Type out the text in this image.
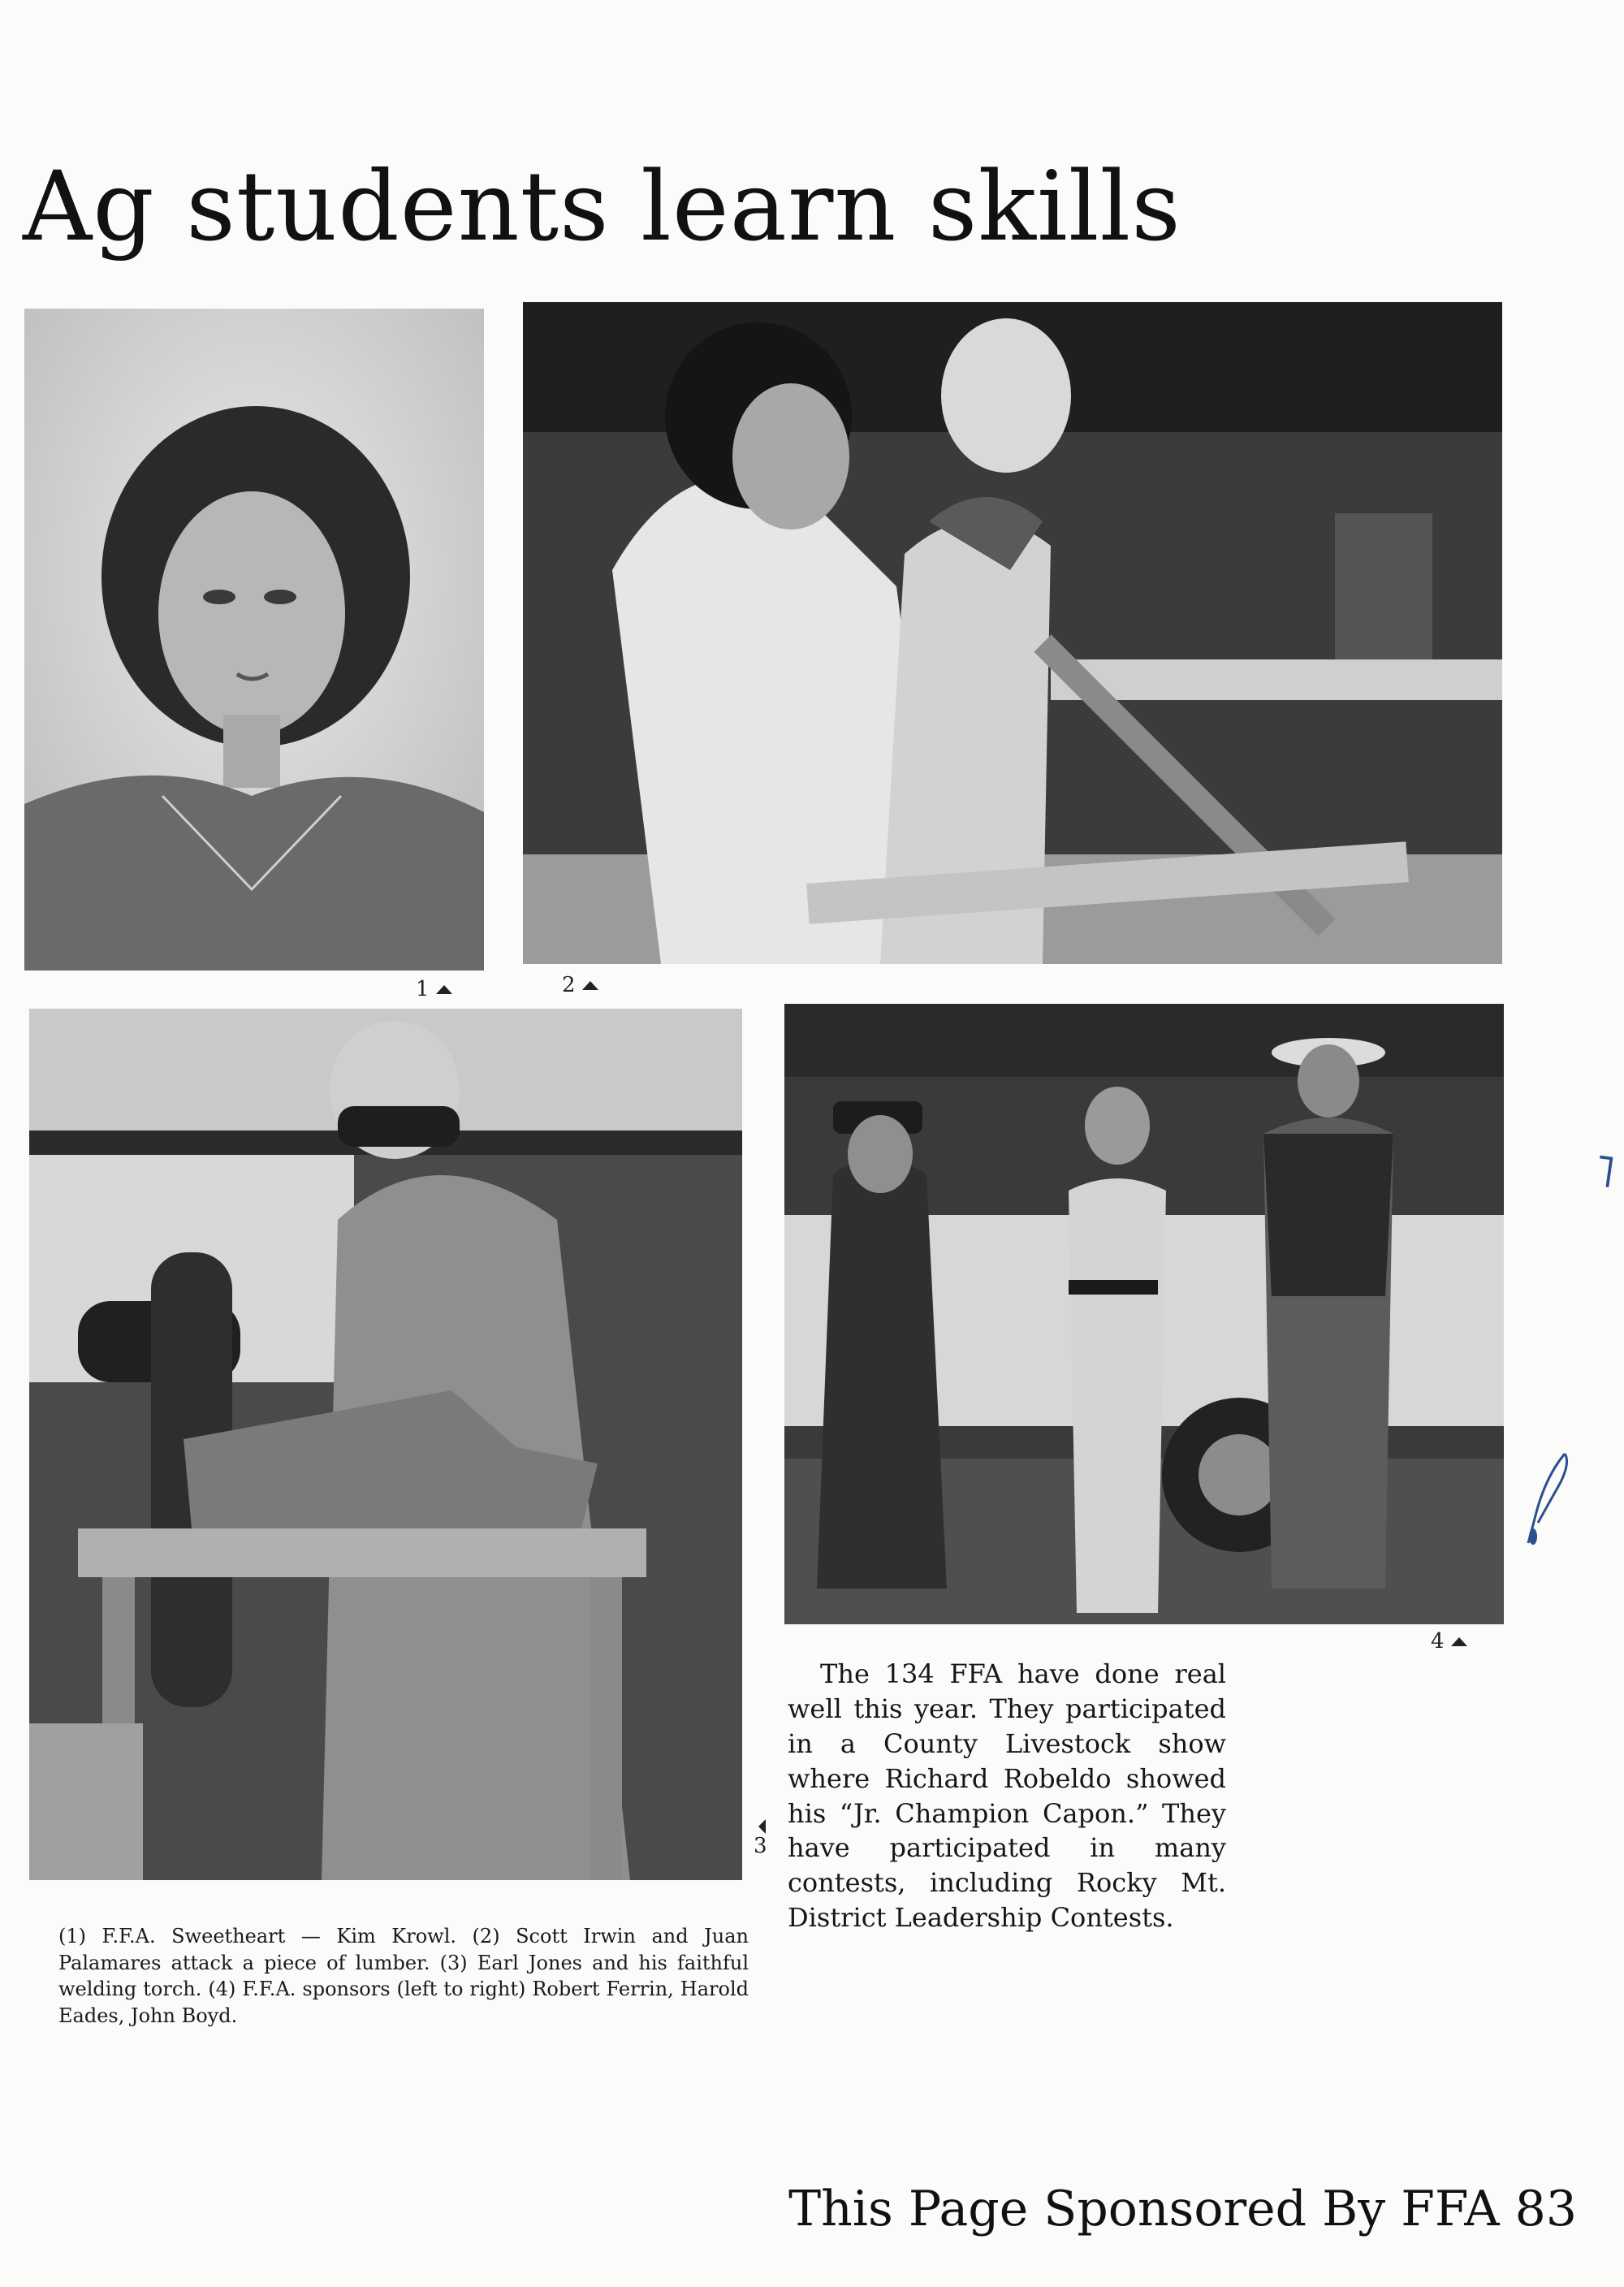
Ag students learn skills
1	2
3
4

The 134 FFA have done real well this year. They participated in a County Livestock show where Richard Robeldo showed his “Jr. Champion Capon.” They have participated in many contests, including Rocky Mt. District Leadership Contests.

(1) F.F.A. Sweetheart — Kim Krowl. (2) Scott Irwin and Juan Palamares attack a piece of lumber. (3) Earl Jones and his faithful welding torch. (4) F.F.A. sponsors (left to right) Robert Ferrin, Harold Eades, John Boyd.

This Page Sponsored By FFA 83

˥
